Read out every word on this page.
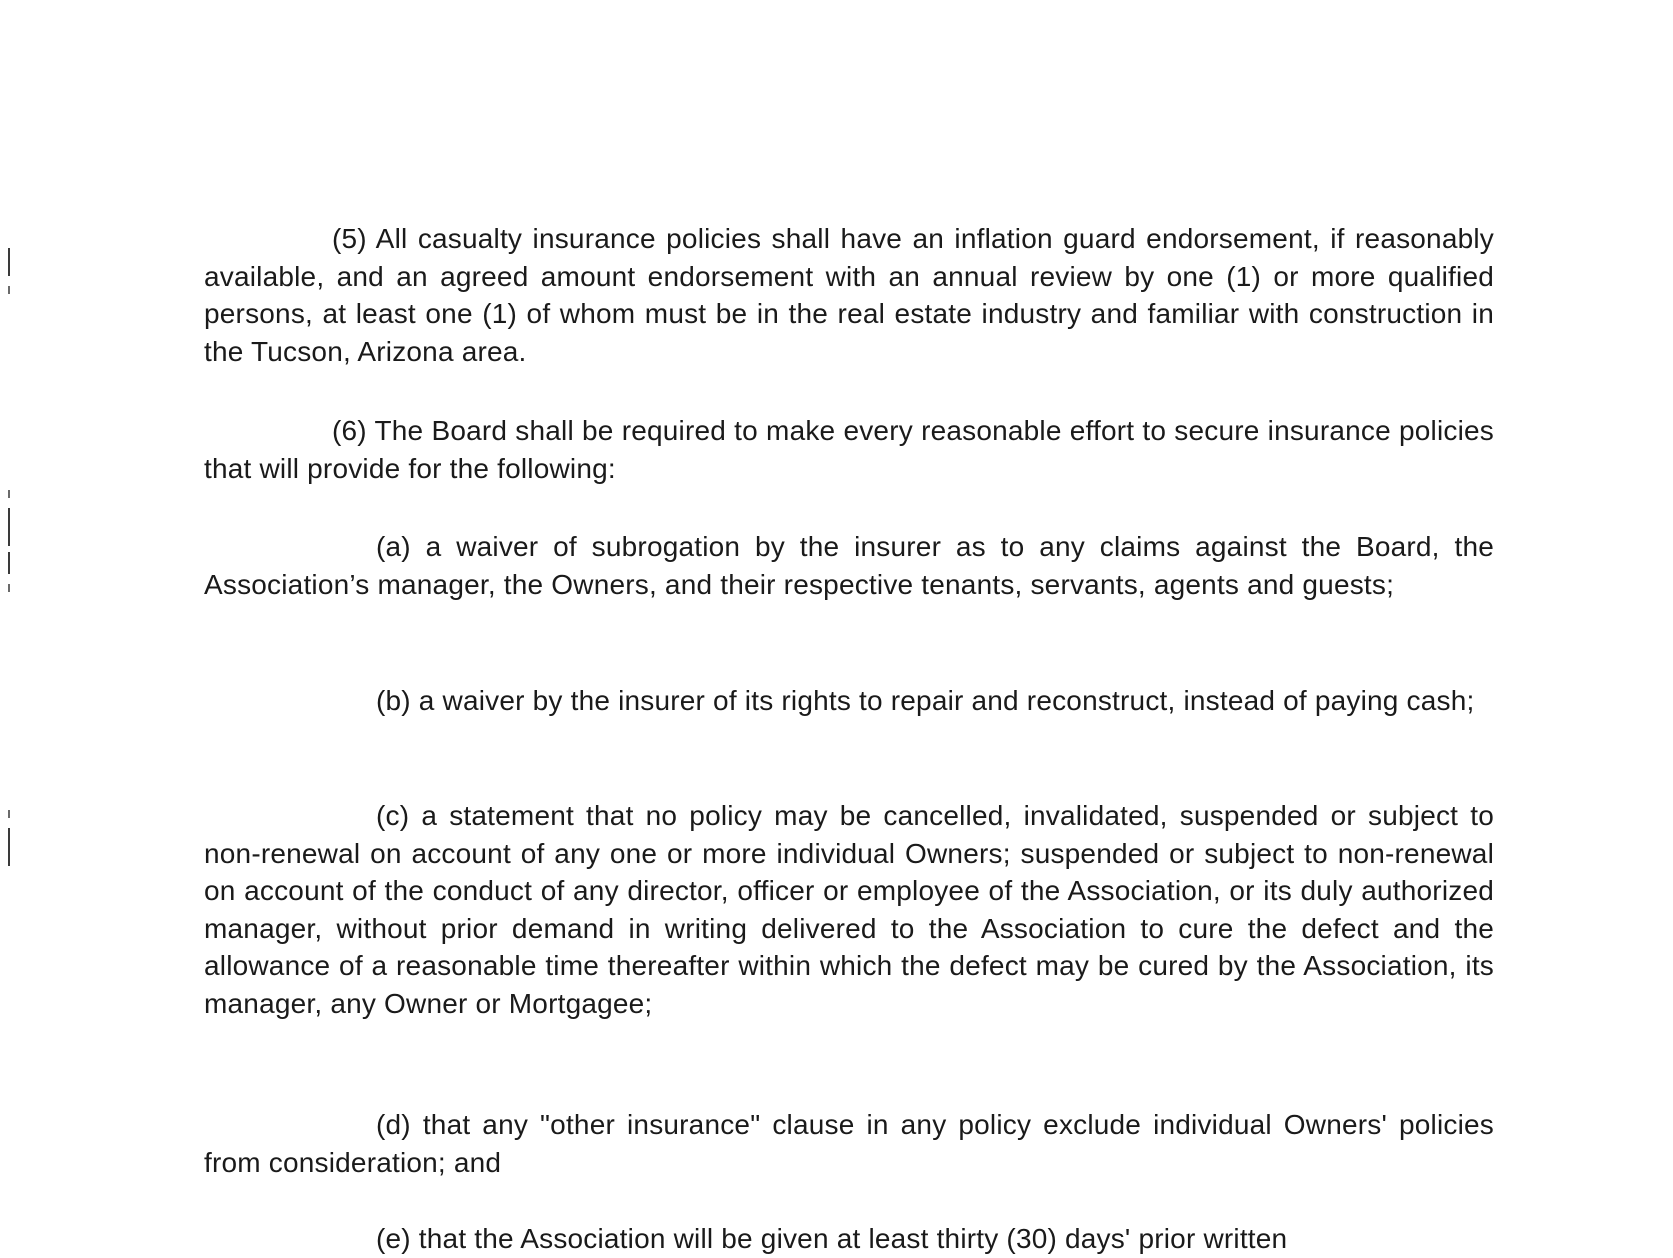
(5) All casualty insurance policies shall have an inflation guard endorsement, if reasonably available, and an agreed amount endorsement with an annual review by one (1) or more qualified persons, at least one (1) of whom must be in the real estate industry and familiar with construction in the Tucson, Arizona area.

(6) The Board shall be required to make every reasonable effort to secure insurance policies that will provide for the following:

(a) a waiver of subrogation by the insurer as to any claims against the Board, the Association’s manager, the Owners, and their respective tenants, servants, agents and guests;

(b) a waiver by the insurer of its rights to repair and reconstruct, instead of paying cash;

(c) a statement that no policy may be cancelled, invalidated, suspended or subject to non-renewal on account of any one or more individual Owners; suspended or subject to non-renewal on account of the conduct of any director, officer or employee of the Association, or its duly authorized manager, without prior demand in writing delivered to the Association to cure the defect and the allowance of a reasonable time thereafter within which the defect may be cured by the Association, its manager, any Owner or Mortgagee;

(d) that any "other insurance" clause in any policy exclude individual Owners' policies from consideration; and

(e) that the Association will be given at least thirty (30) days' prior written
